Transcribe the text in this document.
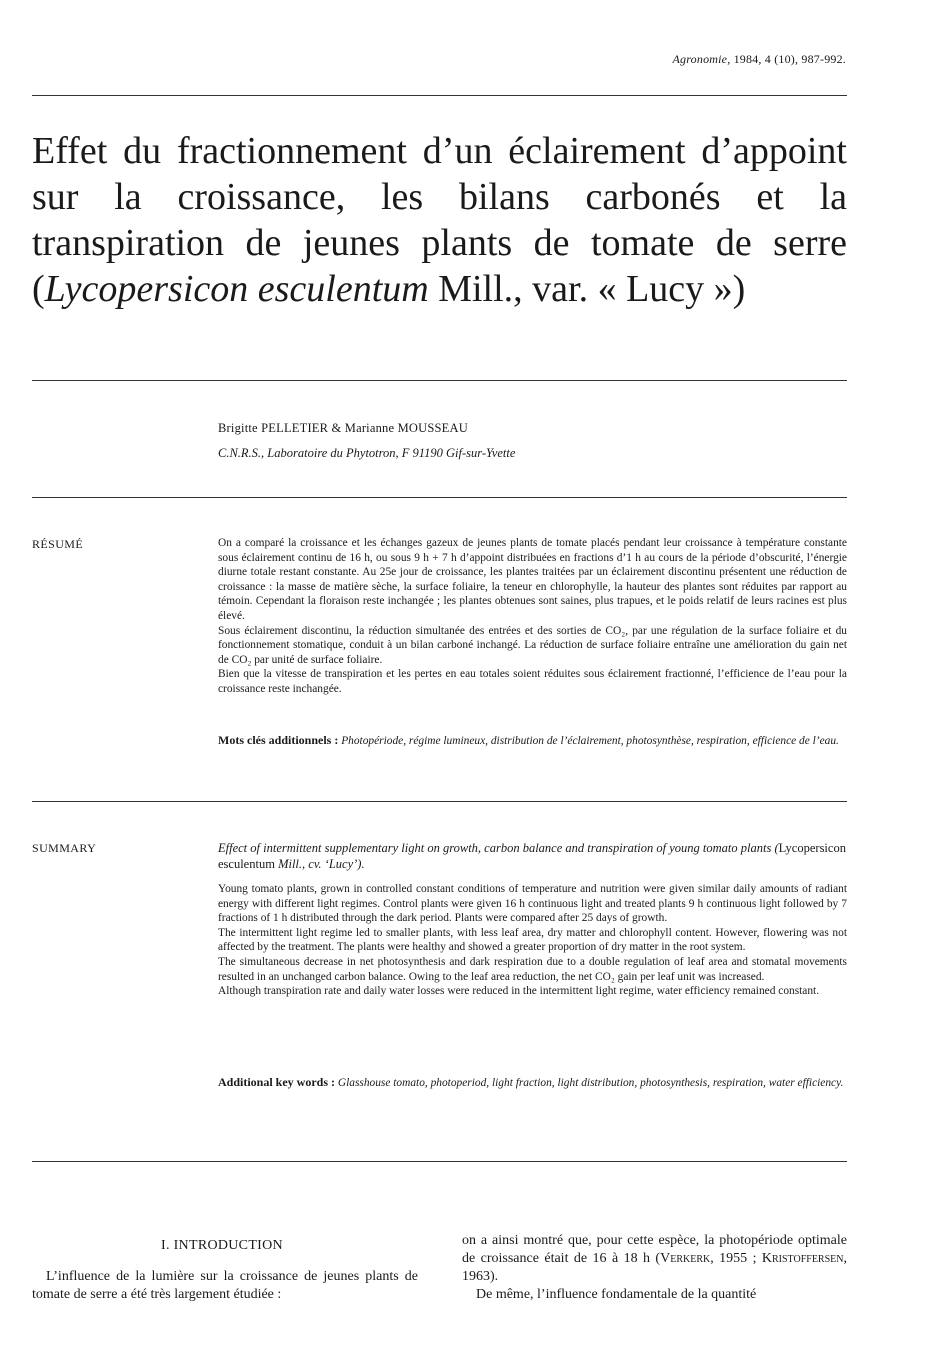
Agronomie, 1984, 4 (10), 987-992.
Effet du fractionnement d’un éclairement d’appoint sur la croissance, les bilans carbonés et la transpiration de jeunes plants de tomate de serre (Lycopersicon esculentum Mill., var. « Lucy »)
Brigitte PELLETIER & Marianne MOUSSEAU
C.N.R.S., Laboratoire du Phytotron, F 91190 Gif-sur-Yvette
RÉSUMÉ	On a comparé la croissance et les échanges gazeux de jeunes plants de tomate placés pendant leur croissance à température constante sous éclairement continu de 16 h, ou sous 9 h + 7 h d’appoint distribuées en fractions d’1 h au cours de la période d’obscurité, l’énergie diurne totale restant constante. Au 25e jour de croissance, les plantes traitées par un éclairement discontinu présentent une réduction de croissance : la masse de matière sèche, la surface foliaire, la teneur en chlorophylle, la hauteur des plantes sont réduites par rapport au témoin. Cependant la floraison reste inchangée ; les plantes obtenues sont saines, plus trapues, et le poids relatif de leurs racines est plus élevé.

Sous éclairement discontinu, la réduction simultanée des entrées et des sorties de CO₂, par une régulation de la surface foliaire et du fonctionnement stomatique, conduit à un bilan carboné inchangé. La réduction de surface foliaire entraîne une amélioration du gain net de CO₂ par unité de surface foliaire.

Bien que la vitesse de transpiration et les pertes en eau totales soient réduites sous éclairement fractionné, l’efficience de l’eau pour la croissance reste inchangée.

Mots clés additionnels : Photopériode, régime lumineux, distribution de l’éclairement, photosynthèse, respiration, efficience de l’eau.
SUMMARY	Effect of intermittent supplementary light on growth, carbon balance and transpiration of young tomato plants (Lycopersicon esculentum Mill., cv. ‘Lucy’).

Young tomato plants, grown in controlled constant conditions of temperature and nutrition were given similar daily amounts of radiant energy with different light regimes. Control plants were given 16 h continuous light and treated plants 9 h continuous light followed by 7 fractions of 1 h distributed through the dark period. Plants were compared after 25 days of growth.

The intermittent light regime led to smaller plants, with less leaf area, dry matter and chlorophyll content. However, flowering was not affected by the treatment. The plants were healthy and showed a greater proportion of dry matter in the root system.

The simultaneous decrease in net photosynthesis and dark respiration due to a double regulation of leaf area and stomatal movements resulted in an unchanged carbon balance. Owing to the leaf area reduction, the net CO₂ gain per leaf unit was increased.

Although transpiration rate and daily water losses were reduced in the intermittent light regime, water efficiency remained constant.

Additional key words : Glasshouse tomato, photoperiod, light fraction, light distribution, photosynthesis, respiration, water efficiency.
I. INTRODUCTION

L’influence de la lumière sur la croissance de jeunes plants de tomate de serre a été très largement étudiée :

on a ainsi montré que, pour cette espèce, la photopériode optimale de croissance était de 16 à 18 h (Verkerk, 1955 ; Kristoffersen, 1963).

De même, l’influence fondamentale de la quantité
